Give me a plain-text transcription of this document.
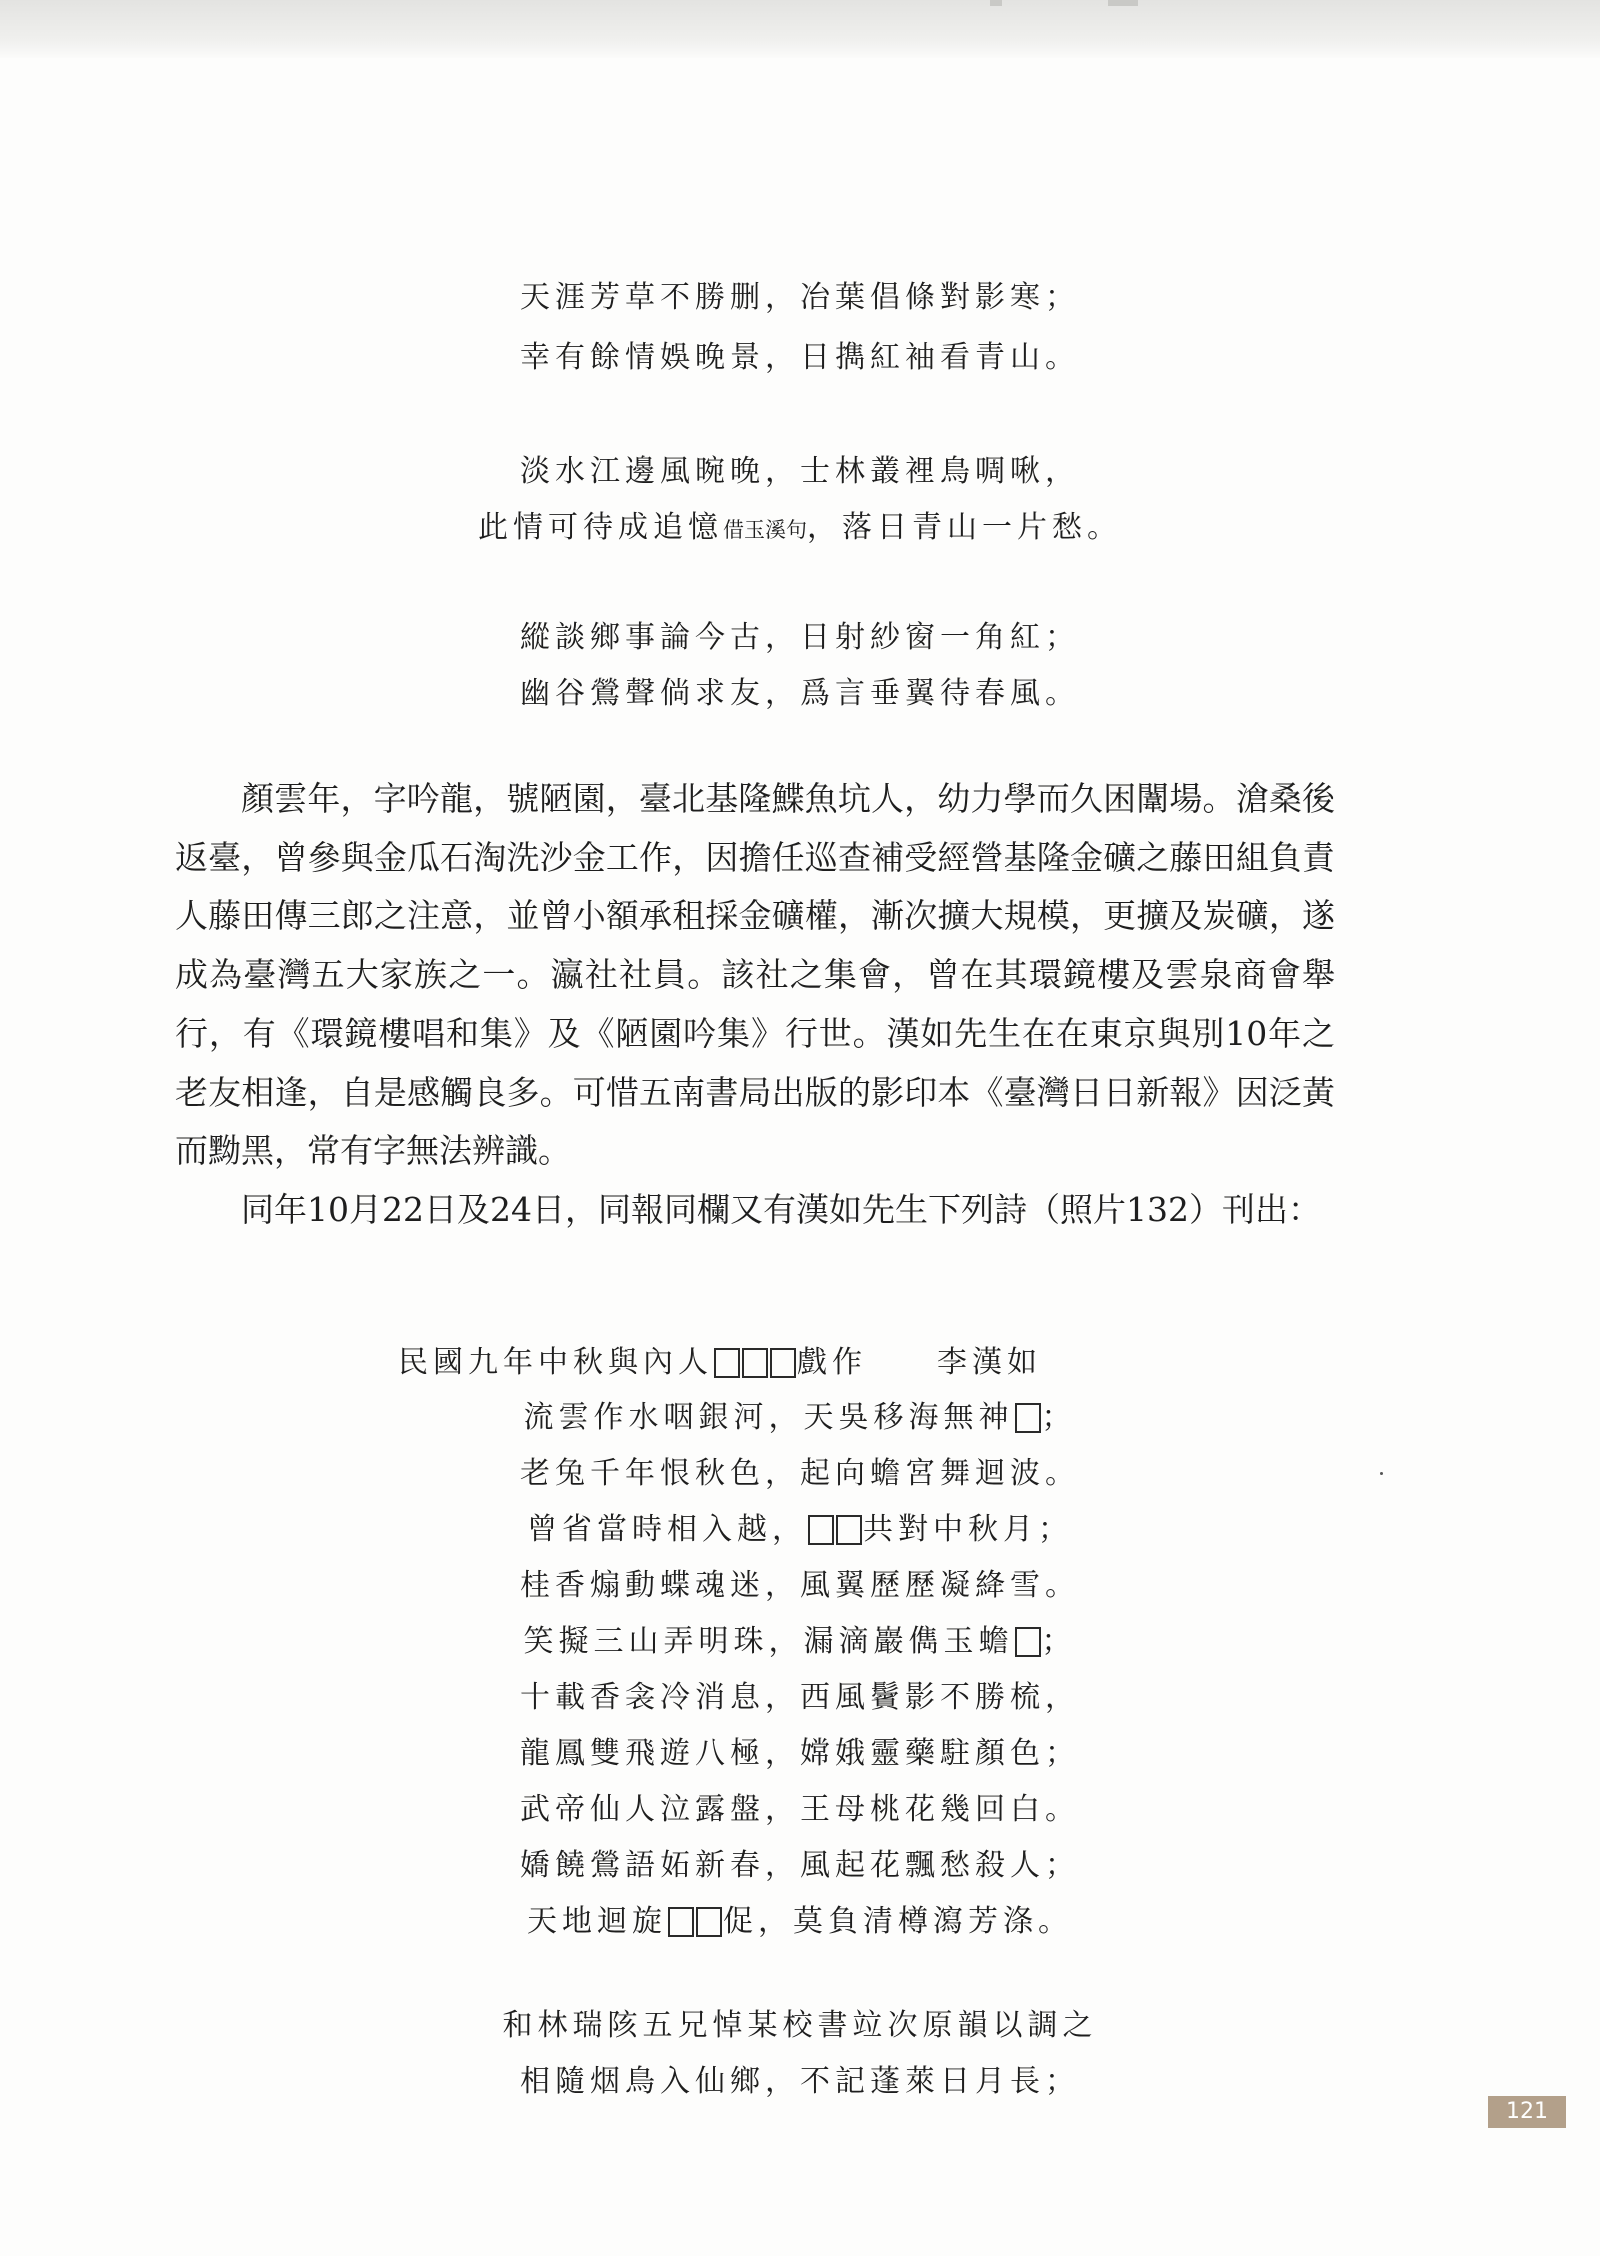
天涯芳草不勝删，冶葉倡條對影寒；
幸有餘情娛晚景，日擕紅袖看青山。
淡水江邊風晼晚，士林叢裡鳥啁啾，
此情可待成追憶借玉溪句，落日青山一片愁。
縱談鄉事論今古，日射紗窗一角紅；
幽谷鶯聲倘求友，爲言垂翼待春風。

顏雲年，字吟龍，號陋園，臺北基隆鰈魚坑人，幼力學而久困闈場。滄桑後返臺，曾參與金瓜石淘洗沙金工作，因擔任巡查補受經營基隆金礦之藤田組負責人藤田傳三郎之注意，並曾小額承租採金礦權，漸次擴大規模，更擴及炭礦，遂成為臺灣五大家族之一。瀛社社員。該社之集會，曾在其環鏡樓及雲泉商會舉行，有《環鏡樓唱和集》及《陋園吟集》行世。漢如先生在在東京與別10年之老友相逢，自是感觸良多。可惜五南書局出版的影印本《臺灣日日新報》因泛黃而黝黑，常有字無法辨識。

同年10月22日及24日，同報同欄又有漢如先生下列詩（照片132）刊出：

民國九年中秋與內人	戲作 李漢如
流雲作水咽銀河，天吳移海無神 ；
老兔千年恨秋色，起向蟾宮舞迴波。
曾省當時相入越， 共對中秋月；
桂香煽動蝶魂迷，風翼歷歷凝絳雪。
笑擬三山弄明珠，漏滴巖儁玉蟾 ；
十載香衾冷消息，西風鬢影不勝梳，
龍鳳雙飛遊八極，嫦娥靈藥駐顏色；
武帝仙人泣露盤，王母桃花幾回白。
嬌饒鶯語妬新春，風起花飄愁殺人；
天地迴旋 促，莫負清樽瀉芳涤。
和林瑞陔五兄悼某校書竝次原韻以調之
相隨烟鳥入仙鄉，不記蓬萊日月長；
121
